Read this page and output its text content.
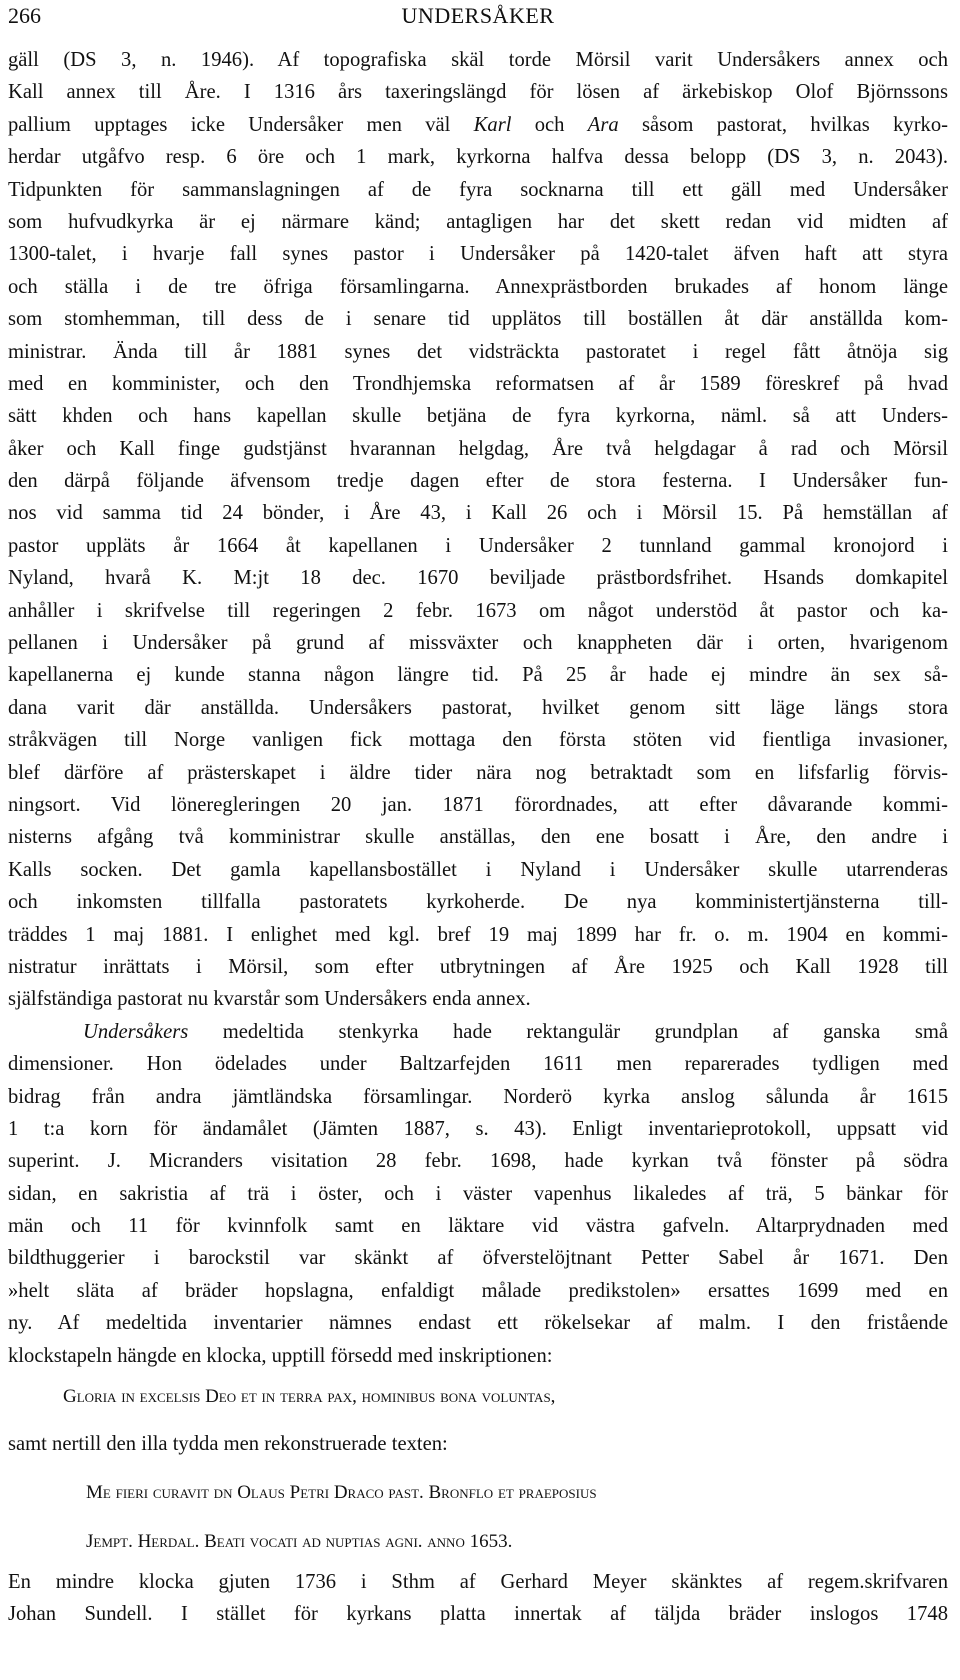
266	UNDERSÅKER
gäll (DS 3, n. 1946). Af topografiska skäl torde Mörsil varit Undersåkers annex och
Kall annex till Åre. I 1316 års taxeringslängd för lösen af ärkebiskop Olof Björnssons
pallium upptages icke Undersåker men väl Karl och Ara såsom pastorat, hvilkas kyrko-
herdar utgåfvo resp. 6 öre och 1 mark, kyrkorna halfva dessa belopp (DS 3, n. 2043).
Tidpunkten för sammanslagningen af de fyra socknarna till ett gäll med Undersåker
som hufvudkyrka är ej närmare känd; antagligen har det skett redan vid midten af
1300-talet, i hvarje fall synes pastor i Undersåker på 1420-talet äfven haft att styra
och ställa i de tre öfriga församlingarna. Annexprästborden brukades af honom länge
som stomhemman, till dess de i senare tid upplätos till boställen åt där anställda kom-
ministrar. Ända till år 1881 synes det vidsträckta pastoratet i regel fått åtnöja sig
med en komminister, och den Trondhjemska reformatsen af år 1589 föreskref på hvad
sätt khden och hans kapellan skulle betjäna de fyra kyrkorna, näml. så att Unders-
åker och Kall finge gudstjänst hvarannan helgdag, Åre två helgdagar å rad och Mörsil
den därpå följande äfvensom tredje dagen efter de stora festerna. I Undersåker fun-
nos vid samma tid 24 bönder, i Åre 43, i Kall 26 och i Mörsil 15. På hemställan af
pastor uppläts år 1664 åt kapellanen i Undersåker 2 tunnland gammal kronojord i
Nyland, hvarå K. M:jt 18 dec. 1670 beviljade prästbordsfrihet. Hsands domkapitel
anhåller i skrifvelse till regeringen 2 febr. 1673 om något understöd åt pastor och ka-
pellanen i Undersåker på grund af missväxter och knappheten där i orten, hvarigenom
kapellanerna ej kunde stanna någon längre tid. På 25 år hade ej mindre än sex så-
dana varit där anställda. Undersåkers pastorat, hvilket genom sitt läge längs stora
stråkvägen till Norge vanligen fick mottaga den första stöten vid fientliga invasioner,
blef därföre af prästerskapet i äldre tider nära nog betraktadt som en lifsfarlig förvis-
ningsort. Vid löneregleringen 20 jan. 1871 förordnades, att efter dåvarande kommi-
nisterns afgång två komministrar skulle anställas, den ene bosatt i Åre, den andre i
Kalls socken. Det gamla kapellansbostället i Nyland i Undersåker skulle utarrenderas
och inkomsten tillfalla pastoratets kyrkoherde. De nya komministertjänsterna till-
träddes 1 maj 1881. I enlighet med kgl. bref 19 maj 1899 har fr. o. m. 1904 en kommi-
nistratur inrättats i Mörsil, som efter utbrytningen af Åre 1925 och Kall 1928 till
själfständiga pastorat nu kvarstår som Undersåkers enda annex.
Undersåkers medeltida stenkyrka hade rektangulär grundplan af ganska små
dimensioner. Hon ödelades under Baltzarfejden 1611 men reparerades tydligen med
bidrag från andra jämtländska församlingar. Norderö kyrka anslog sålunda år 1615
1 t:a korn för ändamålet (Jämten 1887, s. 43). Enligt inventarieprotokoll, uppsatt vid
superint. J. Micranders visitation 28 febr. 1698, hade kyrkan två fönster på södra
sidan, en sakristia af trä i öster, och i väster vapenhus likaledes af trä, 5 bänkar för
män och 11 för kvinnfolk samt en läktare vid västra gafveln. Altarprydnaden med
bildthuggerier i barockstil var skänkt af öfverstelöjtnant Petter Sabel år 1671. Den
»helt släta af bräder hopslagna, enfaldigt målade predikstolen» ersattes 1699 med en
ny. Af medeltida inventarier nämnes endast ett rökelsekar af malm. I den fristående
klockstapeln hängde en klocka, upptill försedd med inskriptionen:
Gloria in excelsis Deo et in terra pax, hominibus bona voluntas,
samt nertill den illa tydda men rekonstruerade texten:
Me fieri curavit dn Olaus Petri Draco past. Bronflo et praeposius
Jempt. Herdal. Beati vocati ad nuptias agni. anno 1653.
En mindre klocka gjuten 1736 i Sthm af Gerhard Meyer skänktes af regem.skrifvaren
Johan Sundell. I stället för kyrkans platta innertak af täljda bräder inslogos 1748
